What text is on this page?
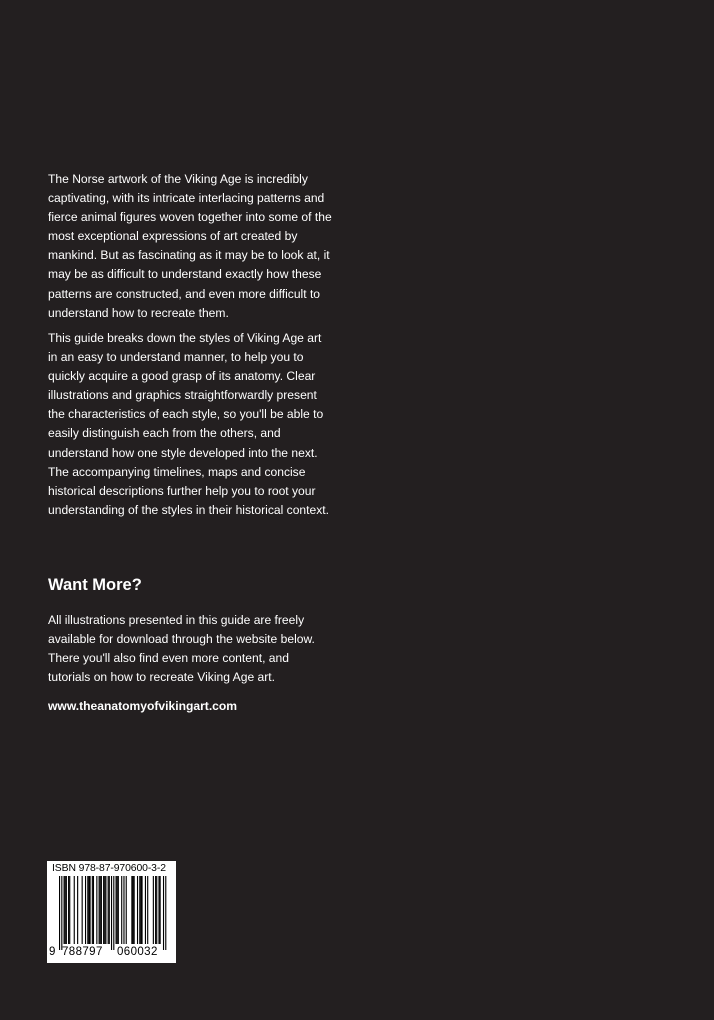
The Norse artwork of the Viking Age is incredibly captivating, with its intricate interlacing patterns and fierce animal figures woven together into some of the most exceptional expressions of art created by mankind. But as fascinating as it may be to look at, it may be as difficult to understand exactly how these patterns are constructed, and even more difficult to understand how to recreate them.

This guide breaks down the styles of Viking Age art in an easy to understand manner, to help you to quickly acquire a good grasp of its anatomy. Clear illustrations and graphics straightforwardly present the characteristics of each style, so you'll be able to easily distinguish each from the others, and understand how one style developed into the next. The accompanying timelines, maps and concise historical descriptions further help you to root your understanding of the styles in their historical context.

Want More?

All illustrations presented in this guide are freely available for download through the website below. There you'll also find even more content, and tutorials on how to recreate Viking Age art.

www.theanatomyofvikingart.com
ISBN 978-87-970600-3-2
9 788797 060032
